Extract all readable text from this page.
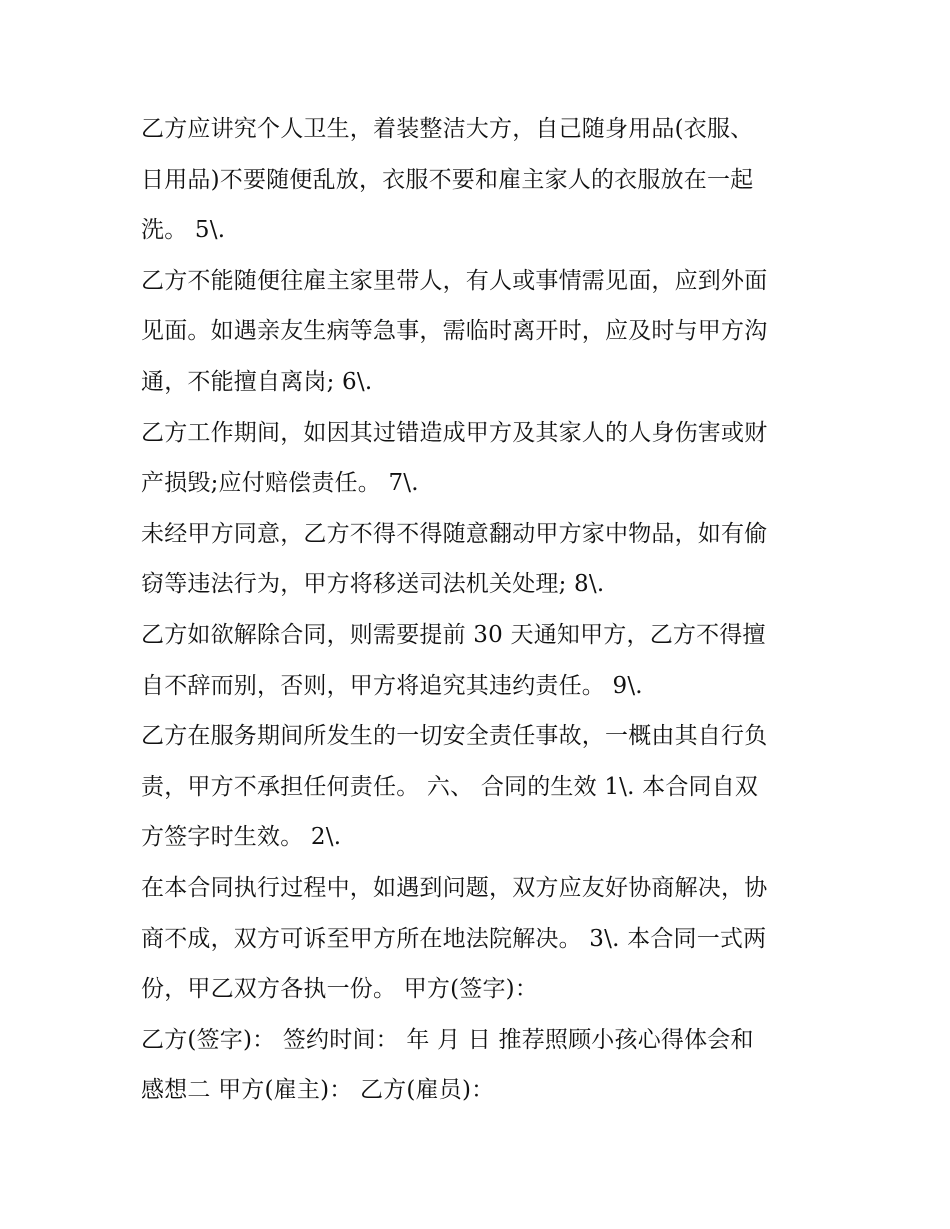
乙方应讲究个人卫生，着装整洁大方，自己随身用品(衣服、
日用品)不要随便乱放，衣服不要和雇主家人的衣服放在一起
洗。 5\.
乙方不能随便往雇主家里带人，有人或事情需见面，应到外面
见面。如遇亲友生病等急事，需临时离开时，应及时与甲方沟
通，不能擅自离岗; 6\.
乙方工作期间，如因其过错造成甲方及其家人的人身伤害或财
产损毁;应付赔偿责任。 7\.
未经甲方同意，乙方不得不得随意翻动甲方家中物品，如有偷
窃等违法行为，甲方将移送司法机关处理; 8\.
乙方如欲解除合同，则需要提前 30 天通知甲方，乙方不得擅
自不辞而别，否则，甲方将追究其违约责任。 9\.
乙方在服务期间所发生的一切安全责任事故，一概由其自行负
责，甲方不承担任何责任。 六、 合同的生效 1\. 本合同自双
方签字时生效。 2\.
在本合同执行过程中，如遇到问题，双方应友好协商解决，协
商不成，双方可诉至甲方所在地法院解决。 3\. 本合同一式两
份，甲乙双方各执一份。 甲方(签字)：
乙方(签字)： 签约时间： 年 月 日 推荐照顾小孩心得体会和
感想二 甲方(雇主)： 乙方(雇员)：
